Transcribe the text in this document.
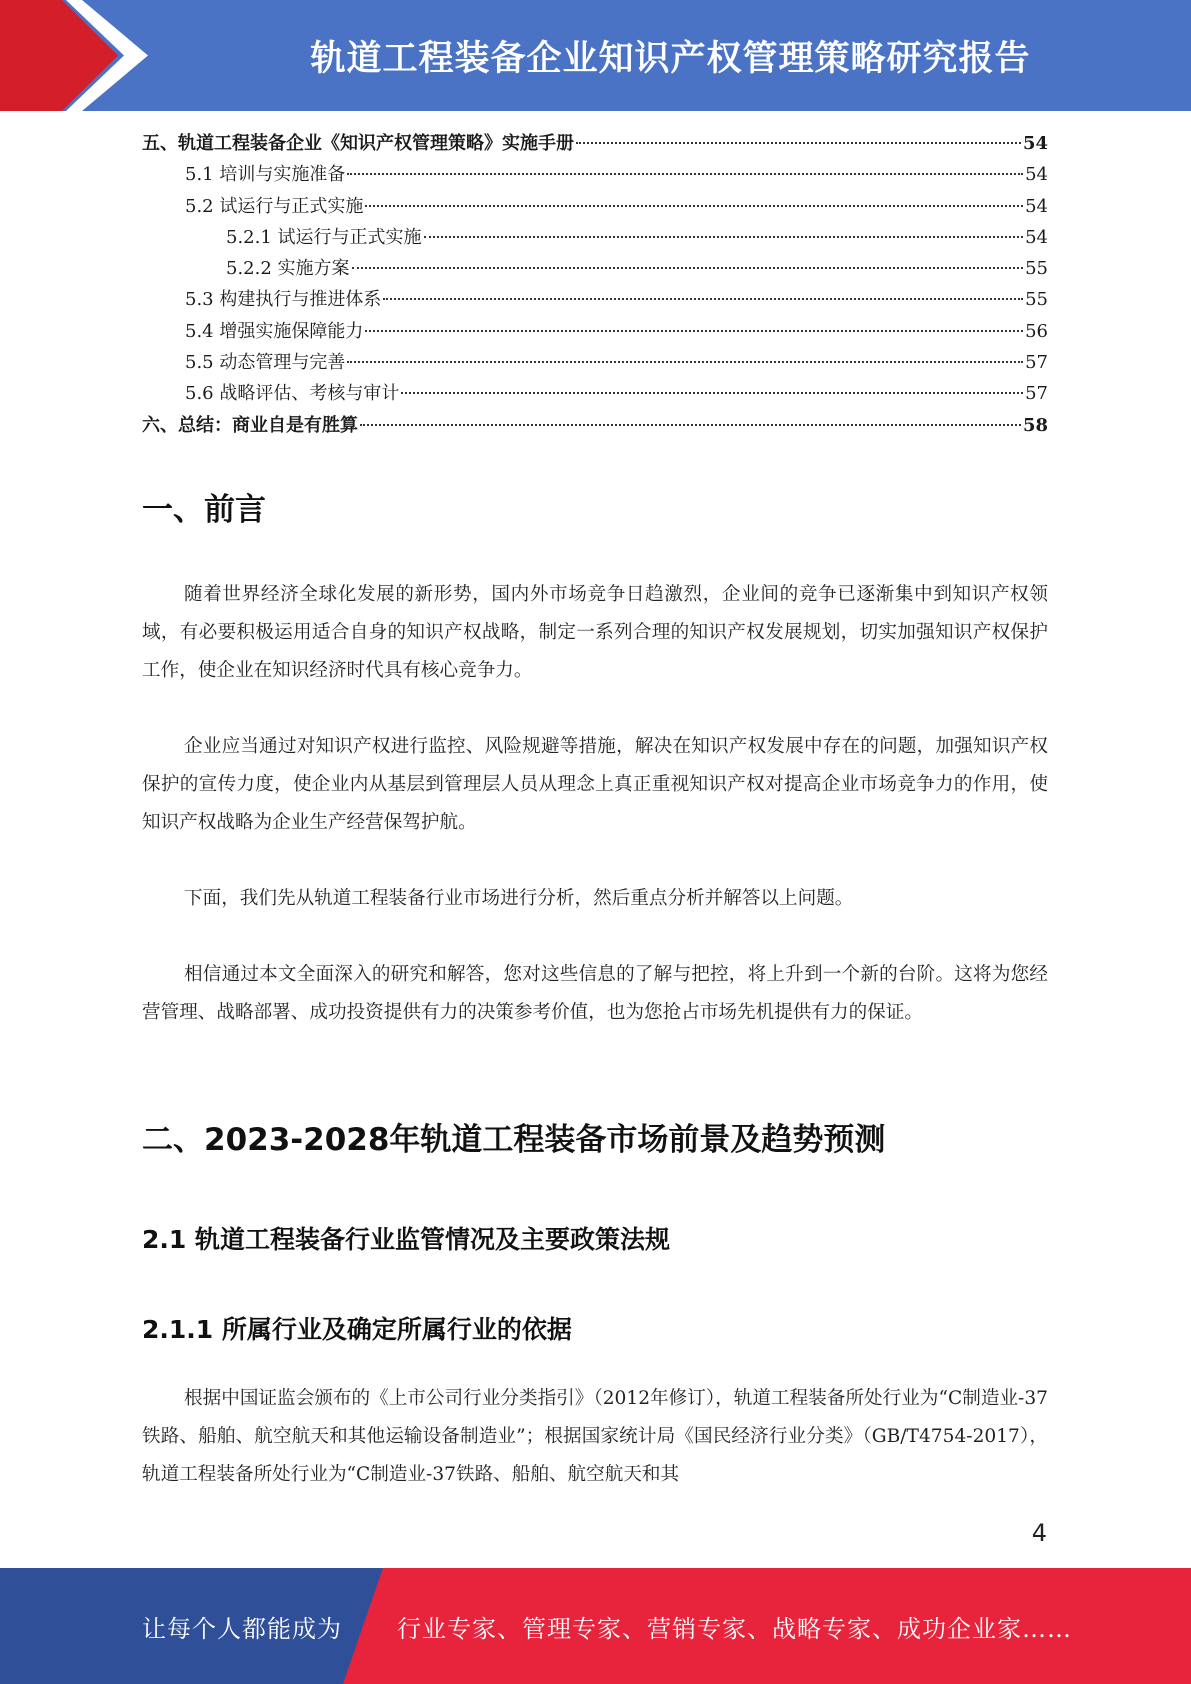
轨道工程装备企业知识产权管理策略研究报告
五、轨道工程装备企业《知识产权管理策略》实施手册	54
5.1 培训与实施准备	54
5.2 试运行与正式实施	54
5.2.1 试运行与正式实施	54
5.2.2 实施方案	55
5.3 构建执行与推进体系	55
5.4 增强实施保障能力	56
5.5 动态管理与完善	57
5.6 战略评估、考核与审计	57
六、总结：商业自是有胜算	58
一、前言

随着世界经济全球化发展的新形势，国内外市场竞争日趋激烈，企业间的竞争已逐渐集中到知识产权领域，有必要积极运用适合自身的知识产权战略，制定一系列合理的知识产权发展规划，切实加强知识产权保护工作，使企业在知识经济时代具有核心竞争力。

企业应当通过对知识产权进行监控、风险规避等措施，解决在知识产权发展中存在的问题，加强知识产权保护的宣传力度，使企业内从基层到管理层人员从理念上真正重视知识产权对提高企业市场竞争力的作用，使知识产权战略为企业生产经营保驾护航。

下面，我们先从轨道工程装备行业市场进行分析，然后重点分析并解答以上问题。

相信通过本文全面深入的研究和解答，您对这些信息的了解与把控，将上升到一个新的台阶。这将为您经营管理、战略部署、成功投资提供有力的决策参考价值，也为您抢占市场先机提供有力的保证。

二、2023-2028年轨道工程装备市场前景及趋势预测
2.1 轨道工程装备行业监管情况及主要政策法规
2.1.1 所属行业及确定所属行业的依据

根据中国证监会颁布的《上市公司行业分类指引》（2012年修订），轨道工程装备所处行业为“C制造业-37铁路、船舶、航空航天和其他运输设备制造业”；根据国家统计局《国民经济行业分类》（GB/T4754-2017），轨道工程装备所处行业为“C制造业-37铁路、船舶、航空航天和其

4
让每个人都能成为 行业专家、管理专家、营销专家、战略专家、成功企业家……
